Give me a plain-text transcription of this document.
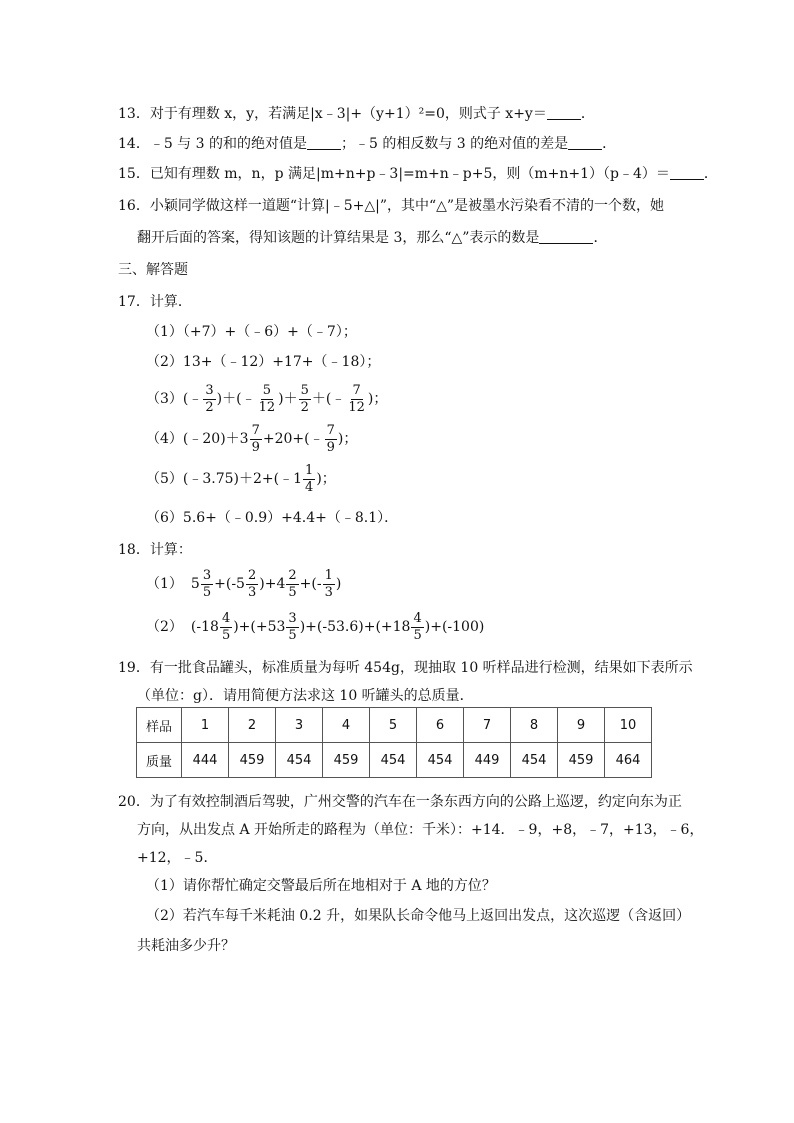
13．对于有理数 x，y，若满足|x﹣3|+（y+1）²=0，则式子 x+y＝ ．
14．﹣5 与 3 的和的绝对值是 ；﹣5 的相反数与 3 的绝对值的差是 ．
15．已知有理数 m，n，p 满足|m+n+p﹣3|=m+n﹣p+5，则（m+n+1）（p﹣4）＝ ．
16．小颖同学做这样一道题“计算|﹣5+△|”，其中“△”是被墨水污染看不清的一个数，她
翻开后面的答案，得知该题的计算结果是 3，那么“△”表示的数是	．
三、解答题
17．计算．
（1）（+7）+（﹣6）+（﹣7）；
（2）13+（﹣12）+17+（﹣18）；
（3） (﹣ $\frac{3}{2}$ )＋(﹣ $\frac{5}{12}$ )＋ $\frac{5}{2}$ ＋(﹣ $\frac{7}{12}$ )；
（4） (﹣20)＋3 $\frac{7}{9}$ +20+(﹣ $\frac{7}{9}$ )；
（5） (﹣3.75)＋2+(﹣1 $\frac{1}{4}$ )；
（6）5.6+（﹣0.9）+4.4+（﹣8.1）．
18．计算：
（1） $5 \frac{3}{5} +(-5 \frac{2}{3} )+4 \frac{2}{5}$ +(- $\frac{1}{3}$ )
（2） $(-18 \frac{4}{5} )+(+53 \frac{3}{5} )+(-53.6)+(+18 \frac{4}{5} )+(-100)$
19．有一批食品罐头，标准质量为每听 454g，现抽取 10 听样品进行检测，结果如下表所示
（单位：g）．请用简便方法求这 10 听罐头的总质量．
样品	1	2	3	4	5	6	7	8	9	10
质量	444	459	454	459	454	454	449	454	459	464
20．为了有效控制酒后驾驶，广州交警的汽车在一条东西方向的公路上巡逻，约定向东为正
方向，从出发点 A 开始所走的路程为（单位：千米）：+14．﹣9，+8，﹣7，+13，﹣6，
+12，﹣5．
（1）请你帮忙确定交警最后所在地相对于 A 地的方位？
（2）若汽车每千米耗油 0.2 升，如果队长命令他马上返回出发点，这次巡逻（含返回）
共耗油多少升？
